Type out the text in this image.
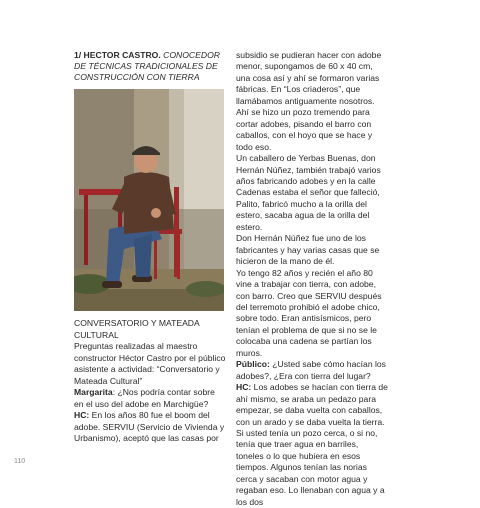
1/ HECTOR CASTRO. CONOCEDOR DE TÉCNICAS TRADICIONALES DE CONSTRUCCIÓN CON TIERRA

CONVERSATORIO Y MATEADA CULTURAL

Preguntas realizadas al maestro constructor Héctor Castro por el público asistente a actividad: “Conversatorio y Mateada Cultural”

Margarita: ¿Nos podría contar sobre en el uso del adobe en Marchigüe?

HC: En los años 80 fue el boom del adobe. SERVIU (Servicio de Vivienda y Urbanismo), aceptó que las casas por

subsidio se pudieran hacer con adobe menor, supongamos de 60 x 40 cm, una cosa así y ahí se formaron varias fábricas. En “Los criaderos”, que llamábamos antiguamente nosotros. Ahí se hizo un pozo tremendo para cortar adobes, pisando el barro con caballos, con el hoyo que se hace y todo eso.

Un caballero de Yerbas Buenas, don Hernán Núñez, también trabajó varios años fabricando adobes y en la calle Cadenas estaba el señor que falleció, Palito, fabricó mucho a la orilla del estero, sacaba agua de la orilla del estero.

Don Hernán Núñez fue uno de los fabricantes y hay varias casas que se hicieron de la mano de él.

Yo tengo 82 años y recién el año 80 vine a trabajar con tierra, con adobe, con barro. Creo que SERVIU después del terremoto prohibió el adobe chico, sobre todo. Eran antisísmicos, pero tenían el problema de que si no se le colocaba una cadena se partían los muros.

Público: ¿Usted sabe cómo hacían los adobes?, ¿Era con tierra del lugar?

HC: Los adobes se hacían con tierra de ahí mismo, se araba un pedazo para empezar, se daba vuelta con caballos, con un arado y se daba vuelta la tierra. Si usted tenía un pozo cerca, o si no, tenía que traer agua en barriles, toneles o lo que hubiera en esos tiempos. Algunos tenían las norias cerca y sacaban con motor agua y regaban eso. Lo llenaban con agua y a los dos

110
